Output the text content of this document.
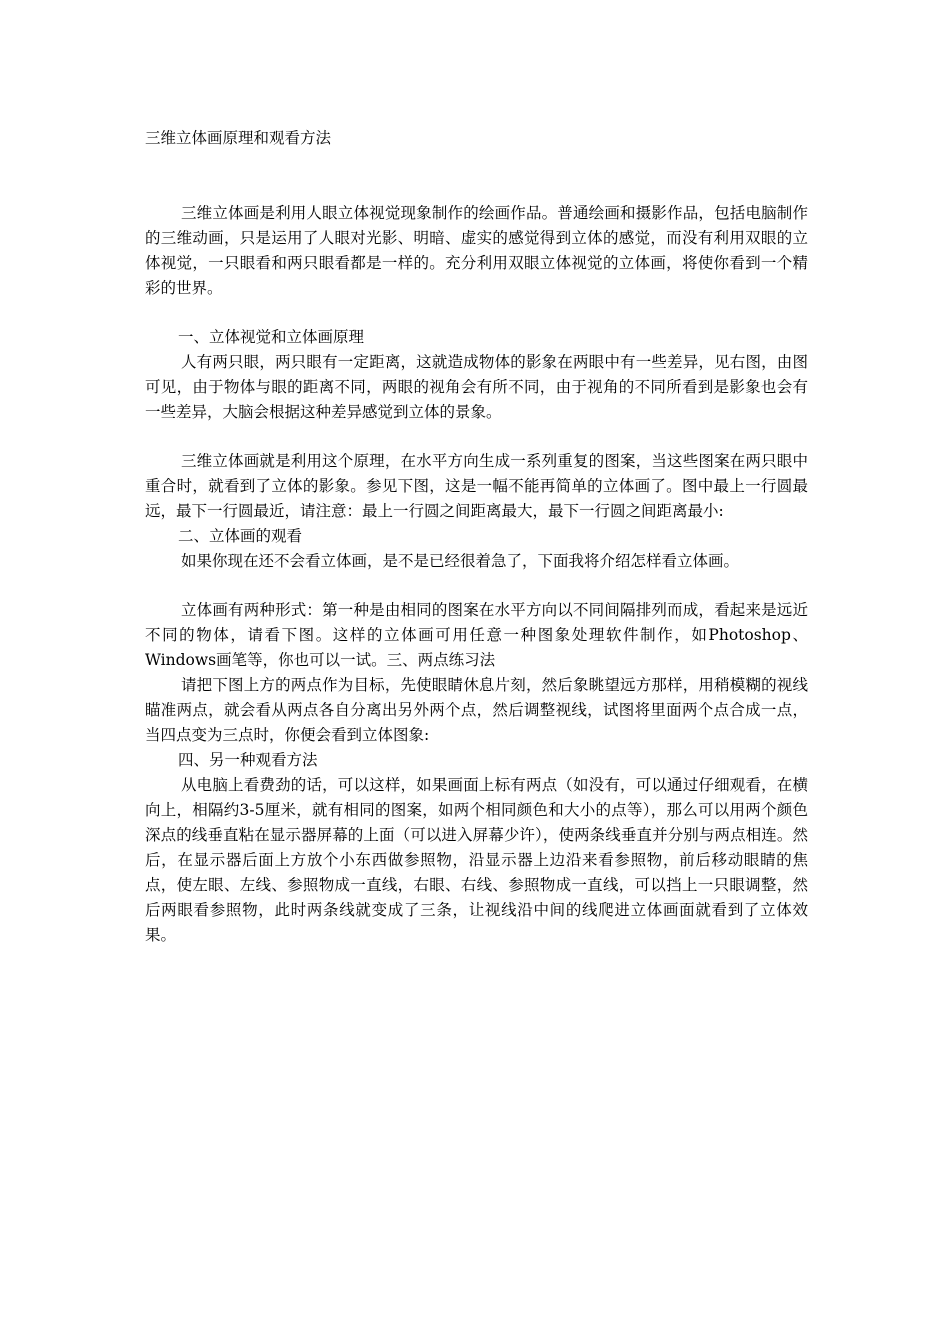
三维立体画原理和观看方法

三维立体画是利用人眼立体视觉现象制作的绘画作品。普通绘画和摄影作品，包括电脑制作的三维动画，只是运用了人眼对光影、明暗、虚实的感觉得到立体的感觉，而没有利用双眼的立体视觉，一只眼看和两只眼看都是一样的。充分利用双眼立体视觉的立体画，将使你看到一个精彩的世界。

一、立体视觉和立体画原理

人有两只眼，两只眼有一定距离，这就造成物体的影象在两眼中有一些差异，见右图，由图可见，由于物体与眼的距离不同，两眼的视角会有所不同，由于视角的不同所看到是影象也会有一些差异，大脑会根据这种差异感觉到立体的景象。

三维立体画就是利用这个原理，在水平方向生成一系列重复的图案，当这些图案在两只眼中重合时，就看到了立体的影象。参见下图，这是一幅不能再简单的立体画了。图中最上一行圆最远，最下一行圆最近，请注意：最上一行圆之间距离最大，最下一行圆之间距离最小:

二、立体画的观看

如果你现在还不会看立体画，是不是已经很着急了，下面我将介绍怎样看立体画。

立体画有两种形式：第一种是由相同的图案在水平方向以不同间隔排列而成，看起来是远近不同的物体，请看下图。这样的立体画可用任意一种图象处理软件制作，如Photoshop、Windows画笔等，你也可以一试。三、两点练习法

请把下图上方的两点作为目标，先使眼睛休息片刻，然后象眺望远方那样，用稍模糊的视线瞄准两点，就会看从两点各自分离出另外两个点，然后调整视线，试图将里面两个点合成一点，当四点变为三点时，你便会看到立体图象:

四、另一种观看方法

从电脑上看费劲的话，可以这样，如果画面上标有两点（如没有，可以通过仔细观看，在横向上，相隔约3-5厘米，就有相同的图案，如两个相同颜色和大小的点等），那么可以用两个颜色深点的线垂直粘在显示器屏幕的上面（可以进入屏幕少许），使两条线垂直并分别与两点相连。然后，在显示器后面上方放个小东西做参照物，沿显示器上边沿来看参照物，前后移动眼睛的焦点，使左眼、左线、参照物成一直线，右眼、右线、参照物成一直线，可以挡上一只眼调整，然后两眼看参照物，此时两条线就变成了三条，让视线沿中间的线爬进立体画面就看到了立体效果。
